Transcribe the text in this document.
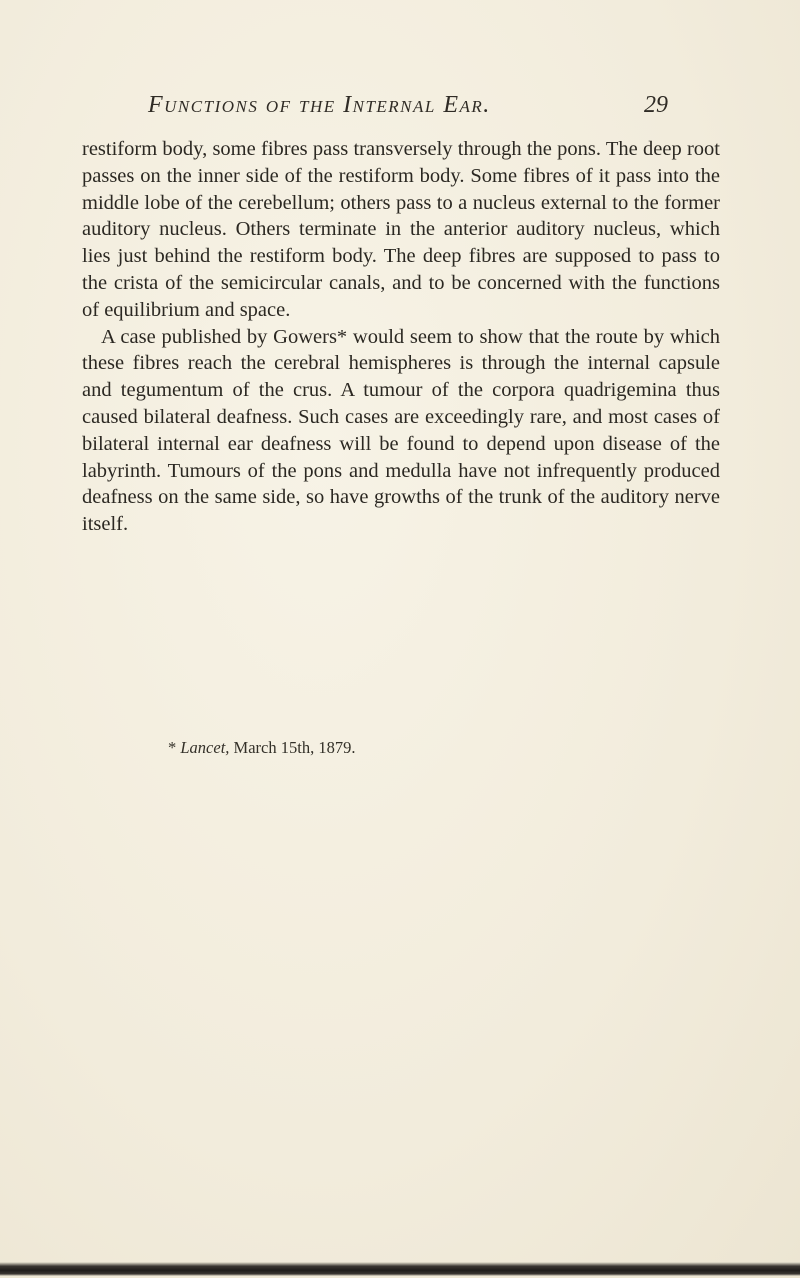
Functions of the Internal Ear.	29

restiform body, some fibres pass transversely through the pons. The deep root passes on the inner side of the restiform body. Some fibres of it pass into the middle lobe of the cerebellum; others pass to a nucleus external to the former auditory nucleus. Others terminate in the anterior auditory nucleus, which lies just behind the restiform body. The deep fibres are supposed to pass to the crista of the semicircular canals, and to be concerned with the functions of equilibrium and space.

A case published by Gowers* would seem to show that the route by which these fibres reach the cerebral hemispheres is through the internal capsule and tegumentum of the crus. A tumour of the corpora quadrigemina thus caused bilateral deafness. Such cases are exceedingly rare, and most cases of bilateral internal ear deafness will be found to depend upon disease of the labyrinth. Tumours of the pons and medulla have not infrequently produced deafness on the same side, so have growths of the trunk of the auditory nerve itself.

* Lancet, March 15th, 1879.
